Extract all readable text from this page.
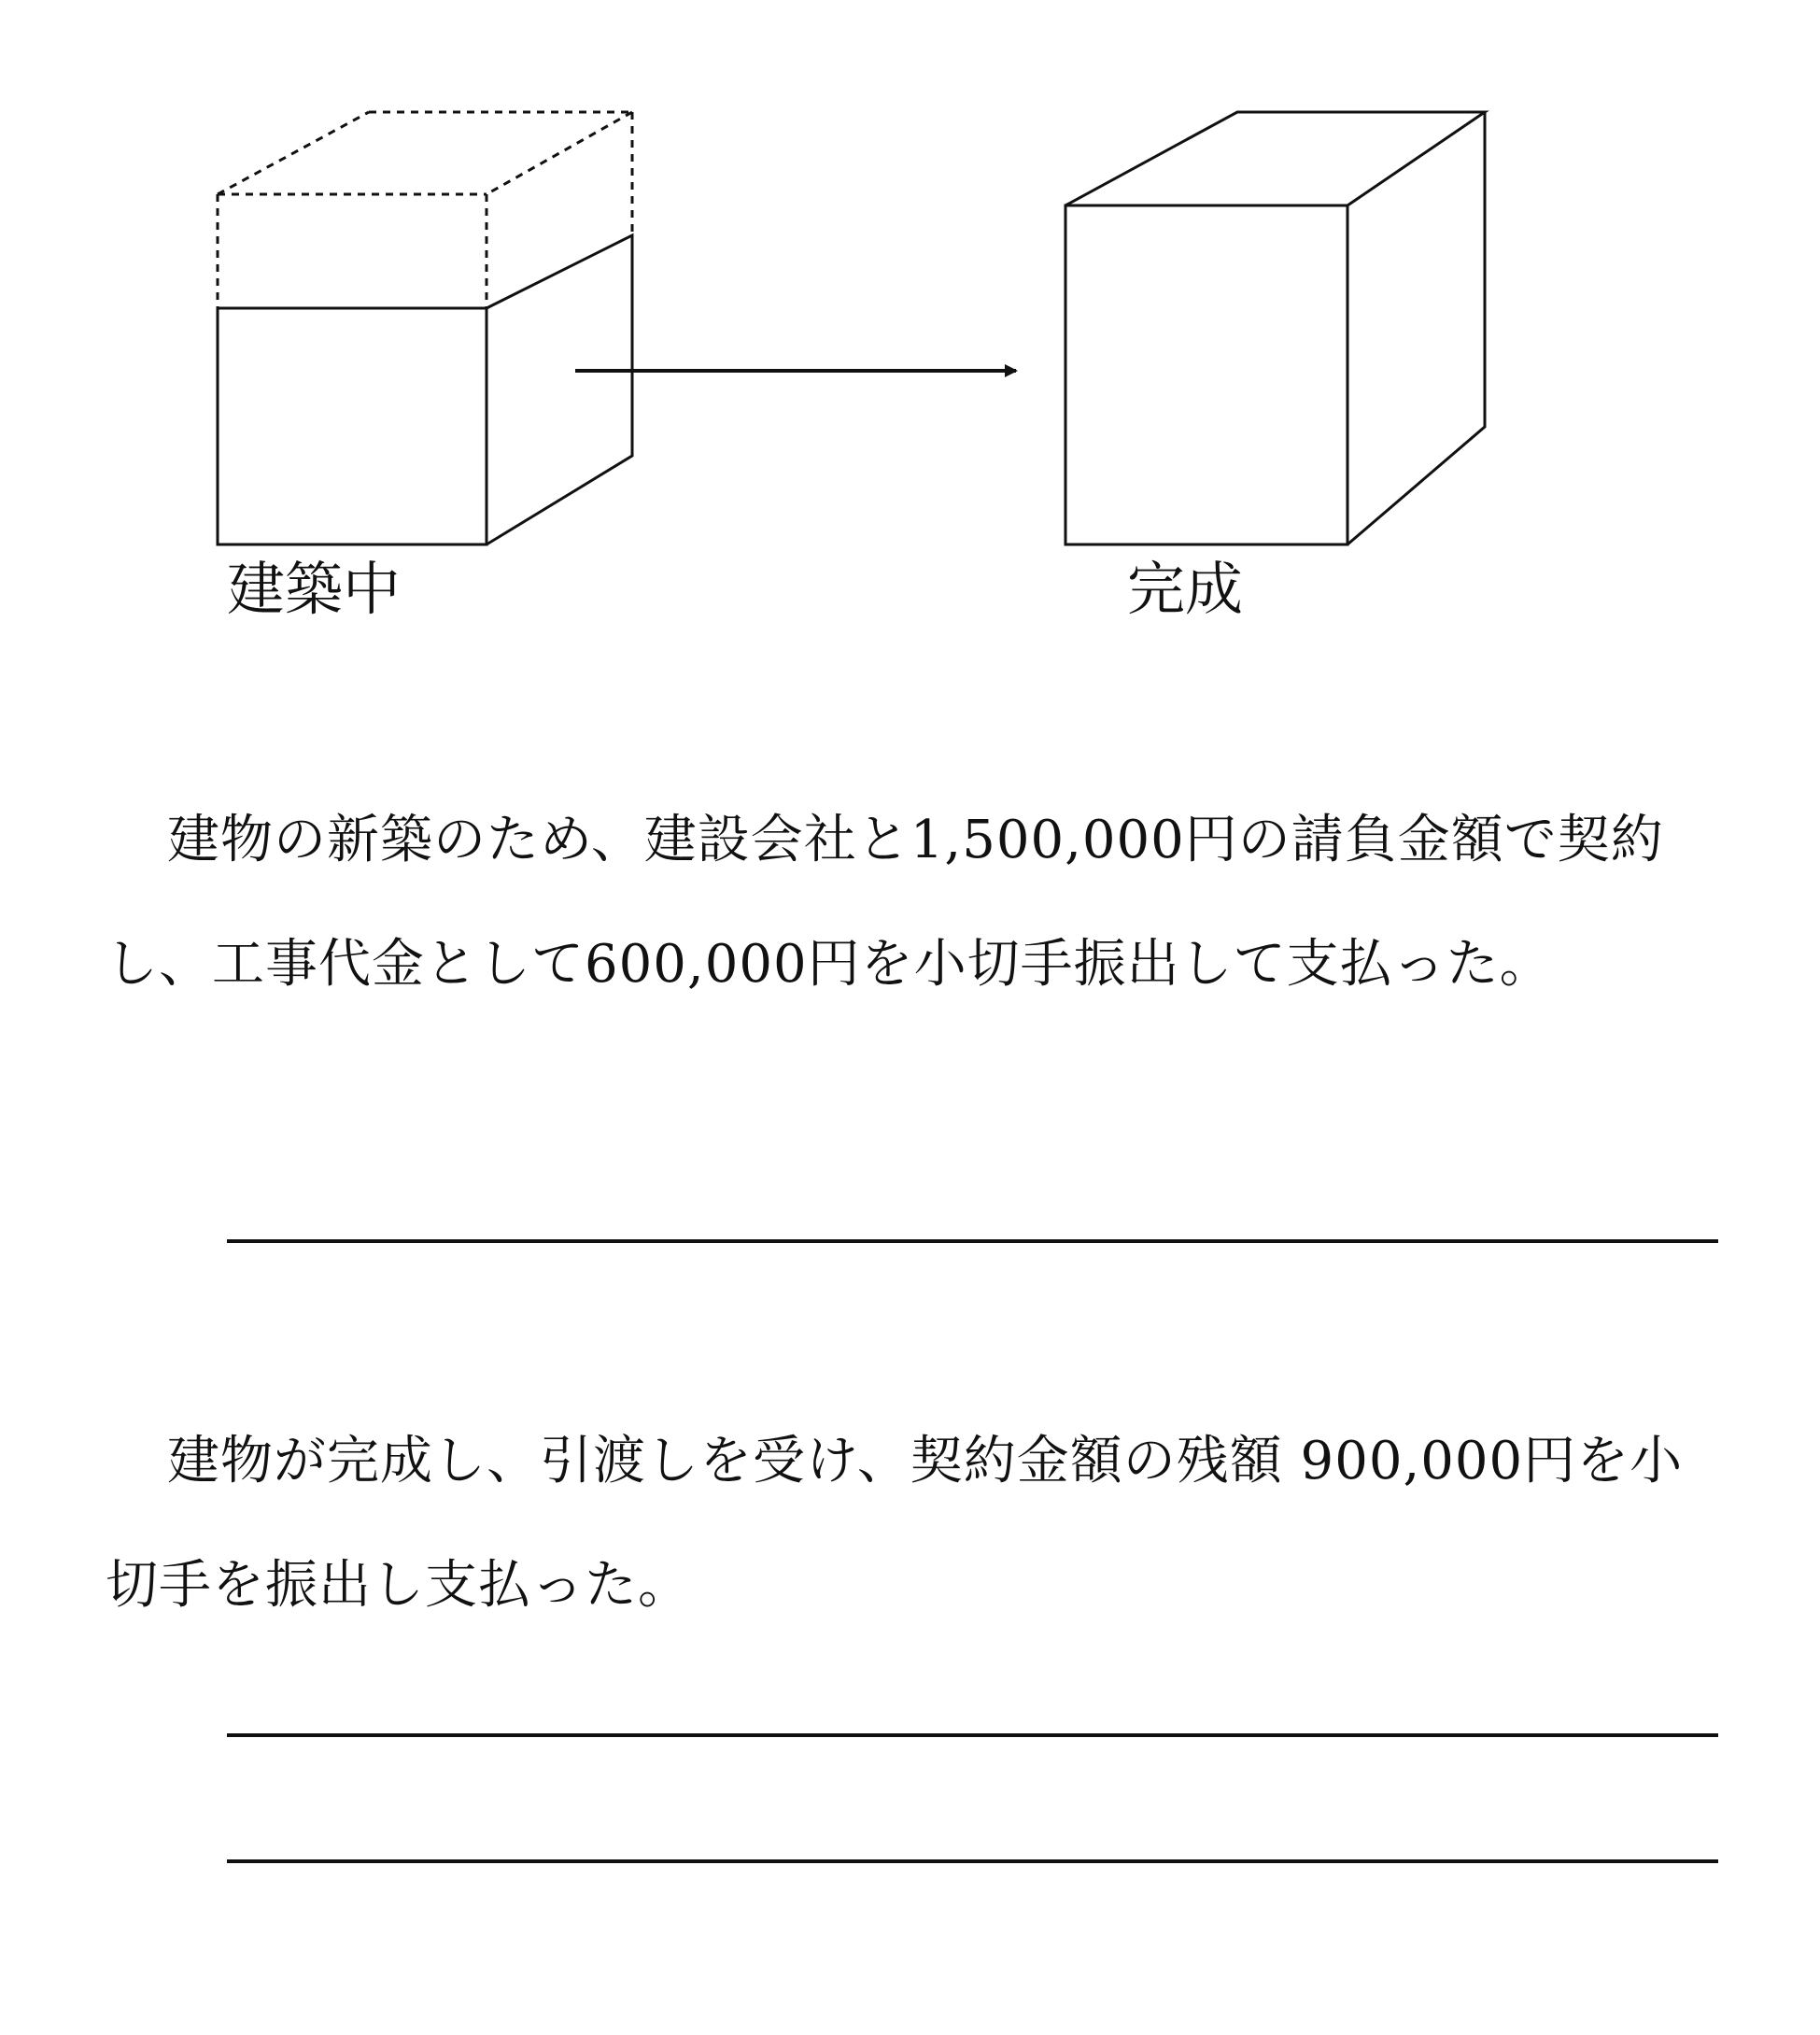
建築中	完成
建物の新築のため、建設会社と1,500,000円の請負金額で契約し、工事代金として600,000円を小切手振出して支払った。
建物が完成し、引渡しを受け、契約金額の残額 900,000円を小切手を振出し支払った。
